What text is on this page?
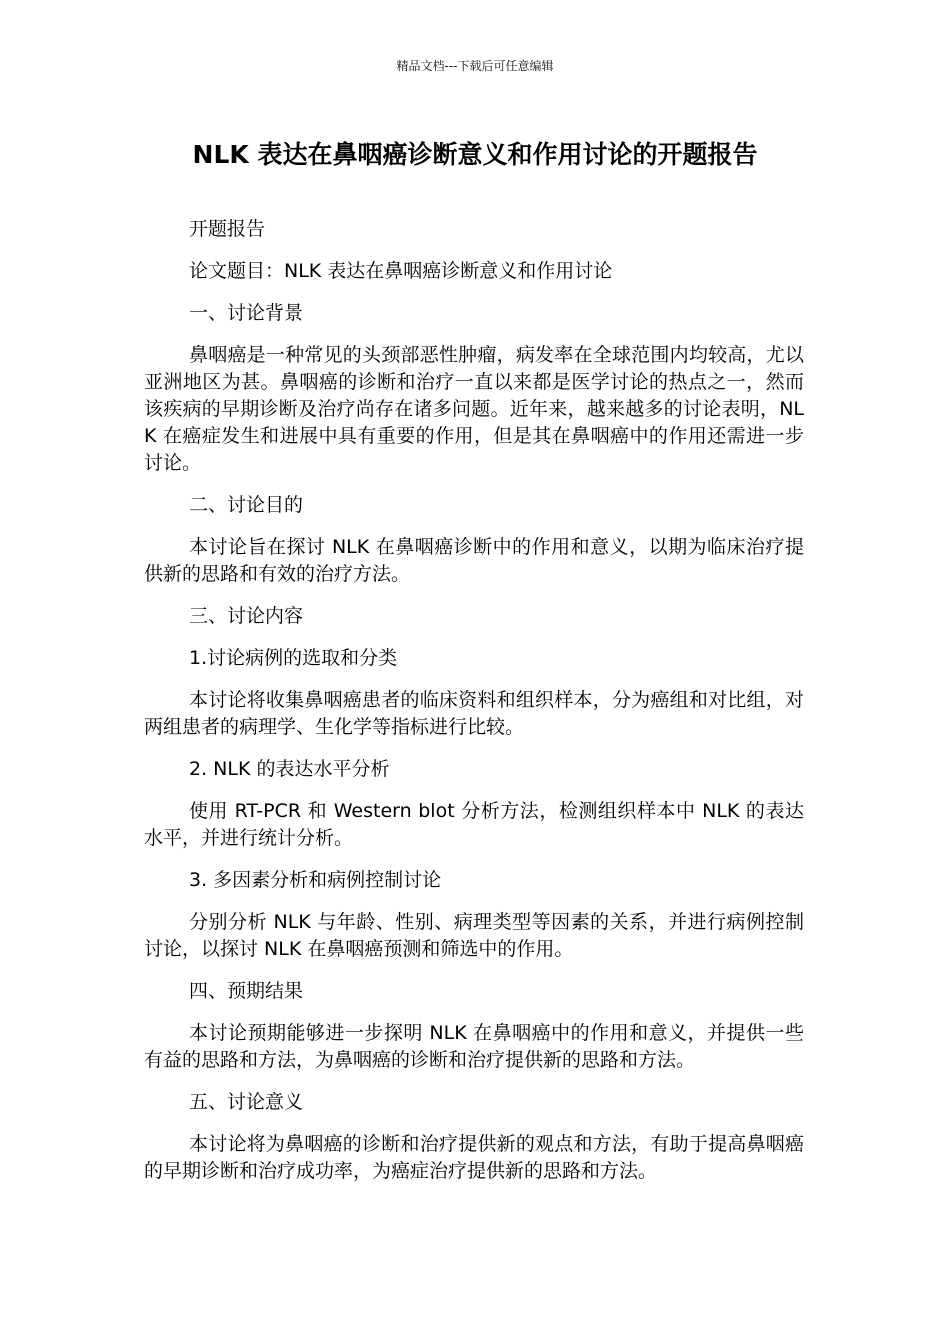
精品文档---下载后可任意编辑
NLK 表达在鼻咽癌诊断意义和作用讨论的开题报告

开题报告

论文题目：NLK 表达在鼻咽癌诊断意义和作用讨论

一、讨论背景

鼻咽癌是一种常见的头颈部恶性肿瘤，病发率在全球范围内均较高，尤以亚洲地区为甚。鼻咽癌的诊断和治疗一直以来都是医学讨论的热点之一，然而该疾病的早期诊断及治疗尚存在诸多问题。近年来，越来越多的讨论表明，NLK 在癌症发生和进展中具有重要的作用，但是其在鼻咽癌中的作用还需进一步讨论。

二、讨论目的

本讨论旨在探讨 NLK 在鼻咽癌诊断中的作用和意义，以期为临床治疗提供新的思路和有效的治疗方法。

三、讨论内容

1.讨论病例的选取和分类

本讨论将收集鼻咽癌患者的临床资料和组织样本，分为癌组和对比组，对两组患者的病理学、生化学等指标进行比较。

2. NLK 的表达水平分析

使用 RT-PCR 和 Western blot 分析方法，检测组织样本中 NLK 的表达水平，并进行统计分析。

3. 多因素分析和病例控制讨论

分别分析 NLK 与年龄、性别、病理类型等因素的关系，并进行病例控制讨论，以探讨 NLK 在鼻咽癌预测和筛选中的作用。

四、预期结果

本讨论预期能够进一步探明 NLK 在鼻咽癌中的作用和意义，并提供一些有益的思路和方法，为鼻咽癌的诊断和治疗提供新的思路和方法。

五、讨论意义

本讨论将为鼻咽癌的诊断和治疗提供新的观点和方法，有助于提高鼻咽癌的早期诊断和治疗成功率，为癌症治疗提供新的思路和方法。
